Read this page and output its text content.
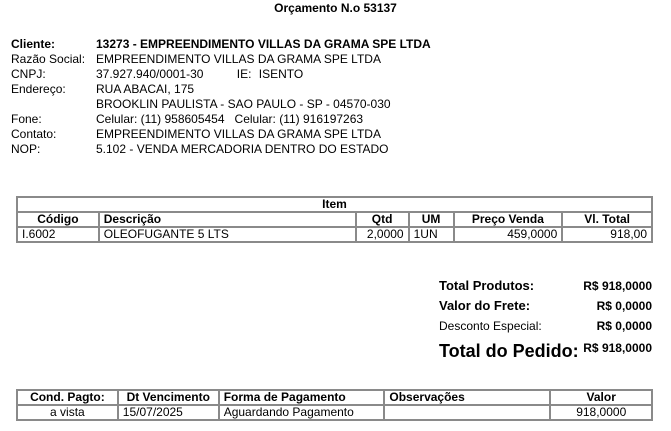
Orçamento N.o 53137
Cliente:	13273 - EMPREENDIMENTO VILLAS DA GRAMA SPE LTDA
Razão Social: EMPREENDIMENTO VILLAS DA GRAMA SPE LTDA
CNPJ:	37.927.940/0001-30	IE: ISENTO
Endereço:	RUA ABACAI, 175
BROOKLIN PAULISTA - SAO PAULO - SP - 04570-030
Fone:	Celular: (11) 958605454   Celular: (11) 916197263
Contato:	EMPREENDIMENTO VILLAS DA GRAMA SPE LTDA
NOP:	5.102 - VENDA MERCADORIA DENTRO DO ESTADO
Item					
Código	Descrição	Qtd	UM	Preço Venda	Vl. Total
I.6002	OLEOFUGANTE 5 LTS	2,0000	1UN	459,0000	918,00
Total Produtos:	R$ 918,0000
Valor do Frete:	R$ 0,0000
Desconto Especial:	R$ 0,0000
Total do Pedido: R$ 918,0000
Cond. Pagto:	Dt Vencimento	Forma de Pagamento	Observações	Valor
a vista	15/07/2025	Aguardando Pagamento		918,0000
